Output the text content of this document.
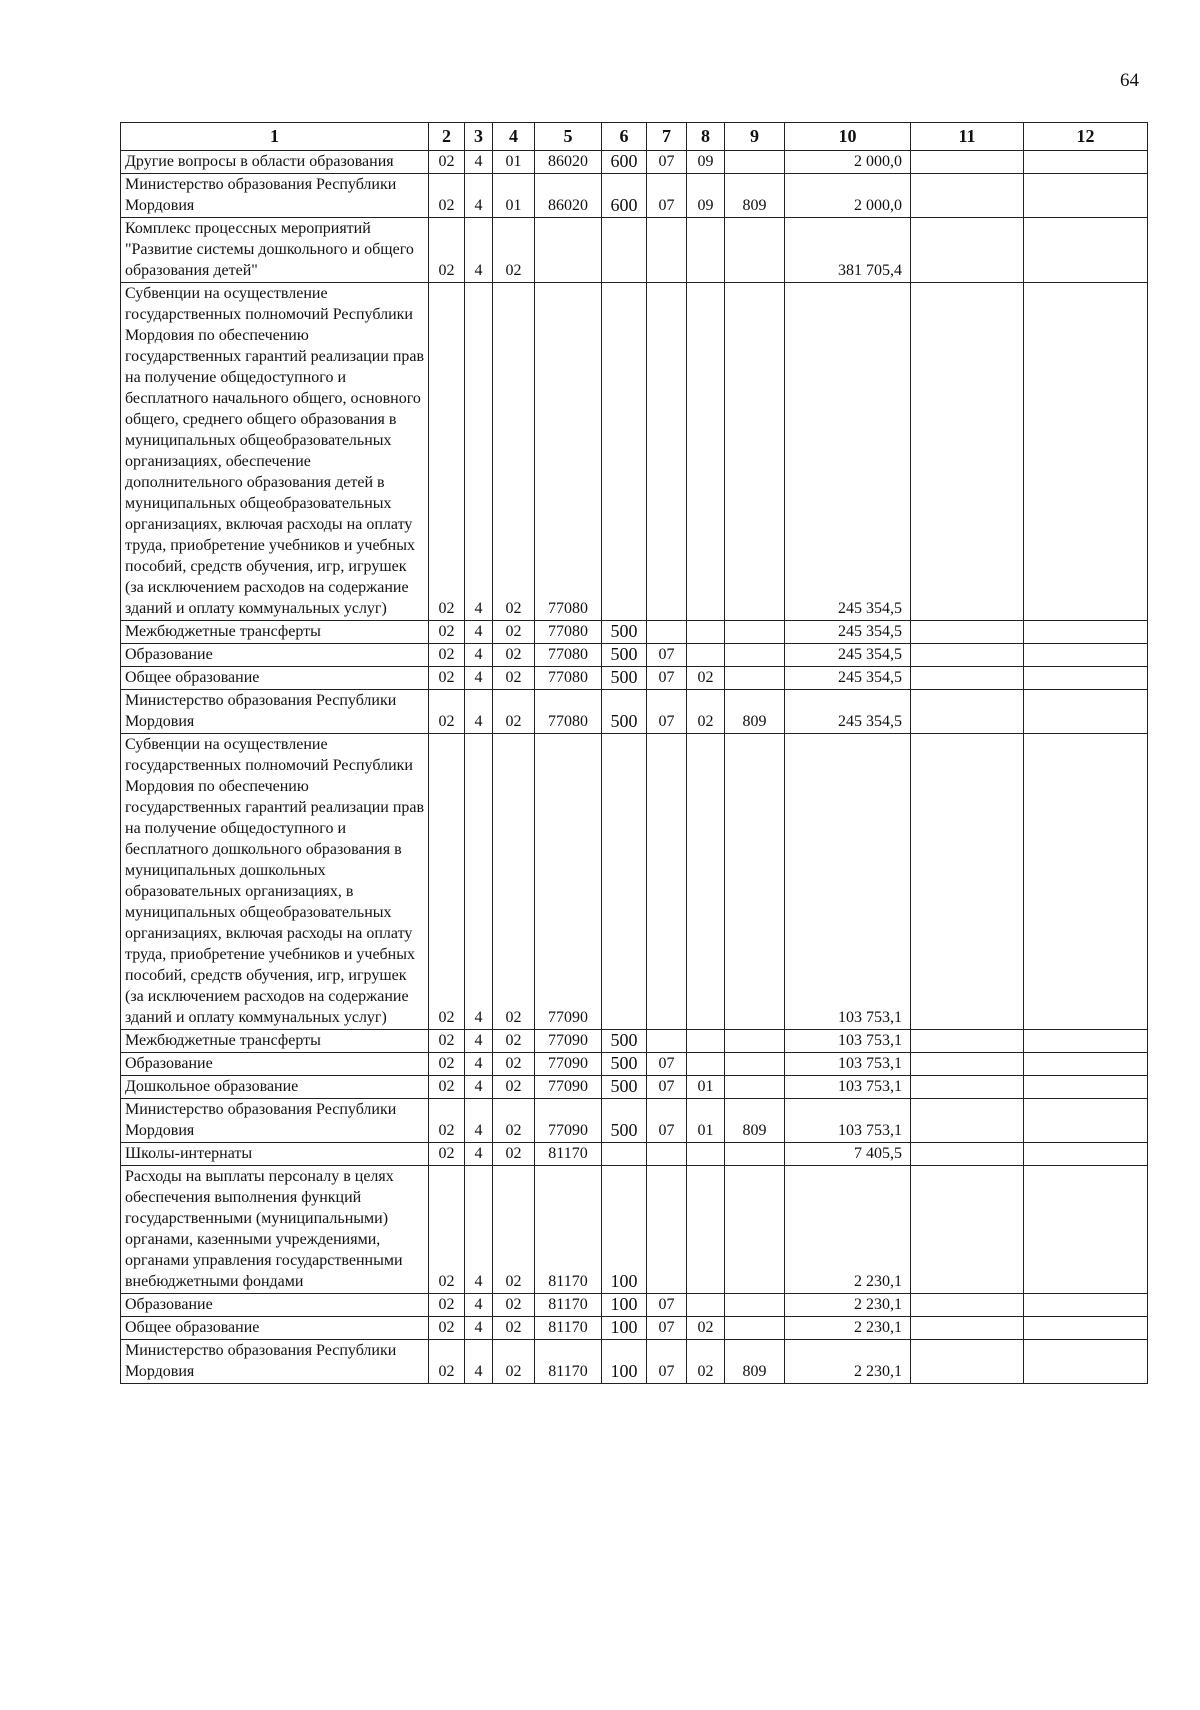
64
1	2	3	4	5	6	7	8	9	10	11	12
Другие вопросы в области образования	02	4	01	86020	600	07	09		2 000,0		
Министерство образования Республики Мордовия	02	4	01	86020	600	07	09	809	2 000,0		
Комплекс процессных мероприятий "Развитие системы дошкольного и общего образования детей"	02	4	02						381 705,4		
Субвенции на осуществление государственных полномочий Республики Мордовия по обеспечению государственных гарантий реализации прав на получение общедоступного и бесплатного начального общего, основного общего, среднего общего образования в муниципальных общеобразовательных организациях, обеспечение дополнительного образования детей в муниципальных общеобразовательных организациях, включая расходы на оплату труда, приобретение учебников и учебных пособий, средств обучения, игр, игрушек (за исключением расходов на содержание зданий и оплату коммунальных услуг)	02	4	02	77080					245 354,5		
Межбюджетные трансферты	02	4	02	77080	500				245 354,5		
Образование	02	4	02	77080	500	07			245 354,5		
Общее образование	02	4	02	77080	500	07	02		245 354,5		
Министерство образования Республики Мордовия	02	4	02	77080	500	07	02	809	245 354,5		
Субвенции на осуществление государственных полномочий Республики Мордовия по обеспечению государственных гарантий реализации прав на получение общедоступного и бесплатного дошкольного образования в муниципальных дошкольных образовательных организациях, в муниципальных общеобразовательных организациях, включая расходы на оплату труда, приобретение учебников и учебных пособий, средств обучения, игр, игрушек (за исключением расходов на содержание зданий и оплату коммунальных услуг)	02	4	02	77090					103 753,1		
Межбюджетные трансферты	02	4	02	77090	500				103 753,1		
Образование	02	4	02	77090	500	07			103 753,1		
Дошкольное образование	02	4	02	77090	500	07	01		103 753,1		
Министерство образования Республики Мордовия	02	4	02	77090	500	07	01	809	103 753,1		
Школы-интернаты	02	4	02	81170					7 405,5		
Расходы на выплаты персоналу в целях обеспечения выполнения функций государственными (муниципальными) органами, казенными учреждениями, органами управления государственными внебюджетными фондами	02	4	02	81170	100				2 230,1		
Образование	02	4	02	81170	100	07			2 230,1		
Общее образование	02	4	02	81170	100	07	02		2 230,1		
Министерство образования Республики Мордовия	02	4	02	81170	100	07	02	809	2 230,1		
